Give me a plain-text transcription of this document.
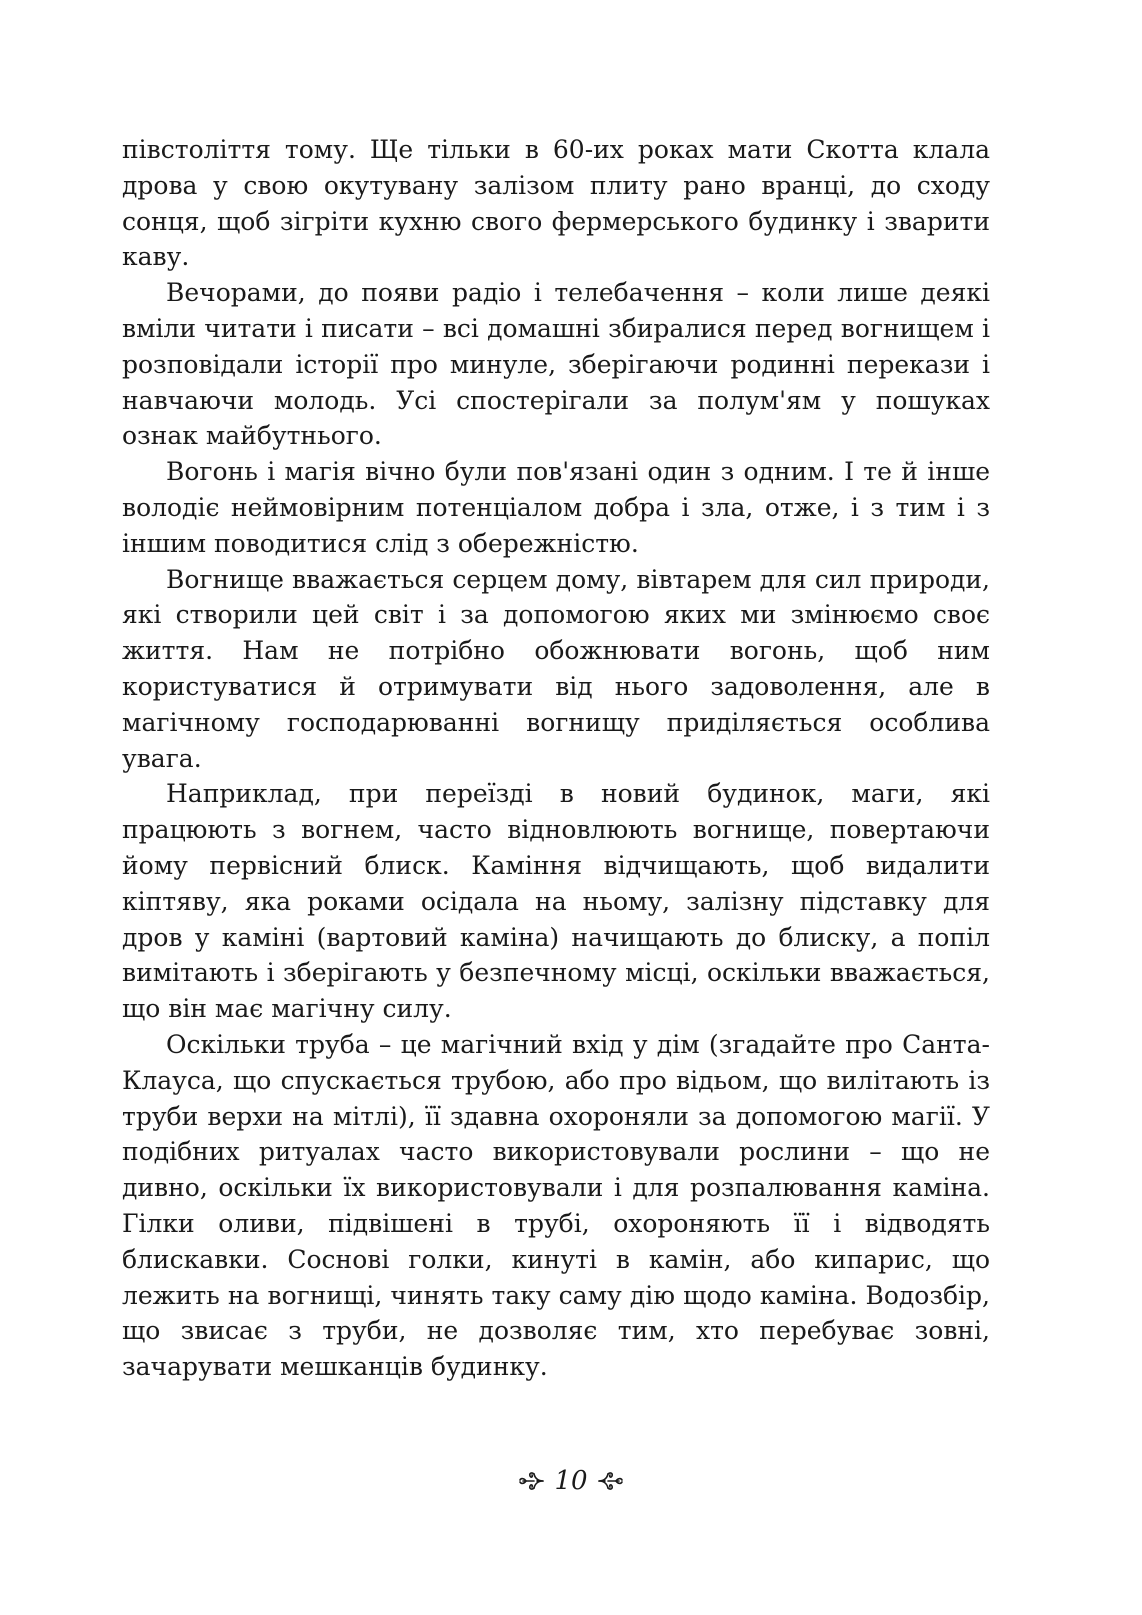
півстоліття тому. Ще тільки в 60-их роках мати Скотта клала дрова у свою окутувану залізом плиту рано вранці, до сходу сонця, щоб зігріти кухню свого фермерського будинку і зварити каву.

Вечорами, до появи радіо і телебачення – коли лише деякі вміли читати і писати – всі домашні збиралися перед вогнищем і розповідали історії про минуле, зберігаючи родинні перекази і навчаючи молодь. Усі спостерігали за полум'ям у пошуках ознак майбутнього.

Вогонь і магія вічно були пов'язані один з одним. І те й інше володіє неймовірним потенціалом добра і зла, отже, і з тим і з іншим поводитися слід з обережністю.

Вогнище вважається серцем дому, вівтарем для сил природи, які створили цей світ і за допомогою яких ми змінюємо своє життя. Нам не потрібно обожнювати вогонь, щоб ним користуватися й отримувати від нього задоволення, але в магічному господарюванні вогнищу приділяється особлива увага.

Наприклад, при переїзді в новий будинок, маги, які працюють з вогнем, часто відновлюють вогнище, повертаючи йому первісний блиск. Каміння відчищають, щоб видалити кіптяву, яка роками осідала на ньому, залізну підставку для дров у каміні (вартовий каміна) начищають до блиску, а попіл вимітають і зберігають у безпечному місці, оскільки вважається, що він має магічну силу.

Оскільки труба – це магічний вхід у дім (згадайте про Санта-Клауса, що спускається трубою, або про відьом, що вилітають із труби верхи на мітлі), її здавна охороняли за допомогою магії. У подібних ритуалах часто використовували рослини – що не дивно, оскільки їх використовували і для розпалювання каміна. Гілки оливи, підвішені в трубі, охороняють її і відводять блискавки. Соснові голки, кинуті в камін, або кипарис, що лежить на вогнищі, чинять таку саму дію щодо каміна. Водозбір, що звисає з труби, не дозволяє тим, хто перебуває зовні, зачарувати мешканців будинку.

10
